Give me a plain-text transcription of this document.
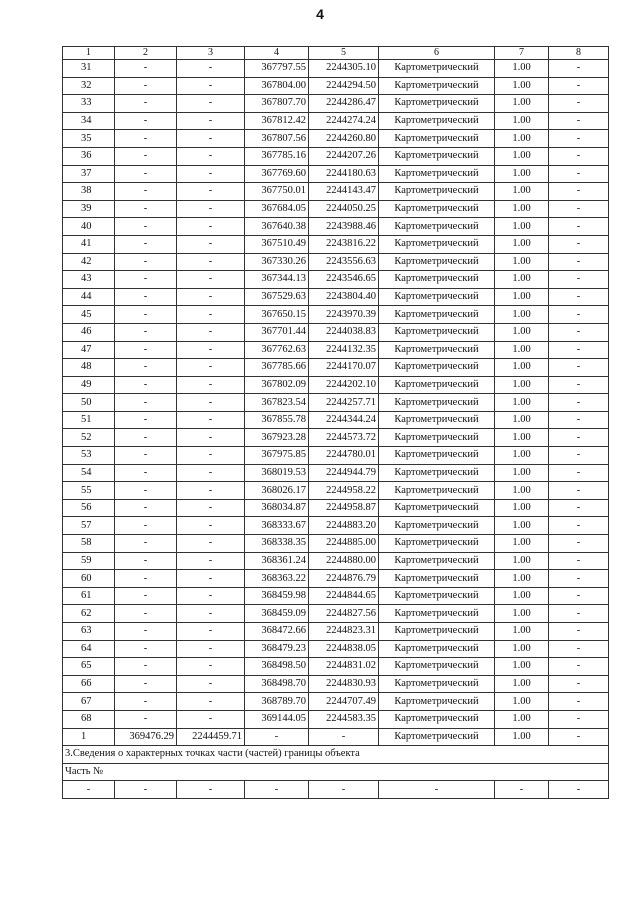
4
1	2	3	4	5	6	7	8
31	-	-	367797.55	2244305.10	Картометрический	1.00	-
32	-	-	367804.00	2244294.50	Картометрический	1.00	-
33	-	-	367807.70	2244286.47	Картометрический	1.00	-
34	-	-	367812.42	2244274.24	Картометрический	1.00	-
35	-	-	367807.56	2244260.80	Картометрический	1.00	-
36	-	-	367785.16	2244207.26	Картометрический	1.00	-
37	-	-	367769.60	2244180.63	Картометрический	1.00	-
38	-	-	367750.01	2244143.47	Картометрический	1.00	-
39	-	-	367684.05	2244050.25	Картометрический	1.00	-
40	-	-	367640.38	2243988.46	Картометрический	1.00	-
41	-	-	367510.49	2243816.22	Картометрический	1.00	-
42	-	-	367330.26	2243556.63	Картометрический	1.00	-
43	-	-	367344.13	2243546.65	Картометрический	1.00	-
44	-	-	367529.63	2243804.40	Картометрический	1.00	-
45	-	-	367650.15	2243970.39	Картометрический	1.00	-
46	-	-	367701.44	2244038.83	Картометрический	1.00	-
47	-	-	367762.63	2244132.35	Картометрический	1.00	-
48	-	-	367785.66	2244170.07	Картометрический	1.00	-
49	-	-	367802.09	2244202.10	Картометрический	1.00	-
50	-	-	367823.54	2244257.71	Картометрический	1.00	-
51	-	-	367855.78	2244344.24	Картометрический	1.00	-
52	-	-	367923.28	2244573.72	Картометрический	1.00	-
53	-	-	367975.85	2244780.01	Картометрический	1.00	-
54	-	-	368019.53	2244944.79	Картометрический	1.00	-
55	-	-	368026.17	2244958.22	Картометрический	1.00	-
56	-	-	368034.87	2244958.87	Картометрический	1.00	-
57	-	-	368333.67	2244883.20	Картометрический	1.00	-
58	-	-	368338.35	2244885.00	Картометрический	1.00	-
59	-	-	368361.24	2244880.00	Картометрический	1.00	-
60	-	-	368363.22	2244876.79	Картометрический	1.00	-
61	-	-	368459.98	2244844.65	Картометрический	1.00	-
62	-	-	368459.09	2244827.56	Картометрический	1.00	-
63	-	-	368472.66	2244823.31	Картометрический	1.00	-
64	-	-	368479.23	2244838.05	Картометрический	1.00	-
65	-	-	368498.50	2244831.02	Картометрический	1.00	-
66	-	-	368498.70	2244830.93	Картометрический	1.00	-
67	-	-	368789.70	2244707.49	Картометрический	1.00	-
68	-	-	369144.05	2244583.35	Картометрический	1.00	-
1	369476.29	2244459.71	-	-	Картометрический	1.00	-
3.Сведения о характерных точках части (частей) границы объекта							
Часть №							
-	-	-	-	-	-	-	-
